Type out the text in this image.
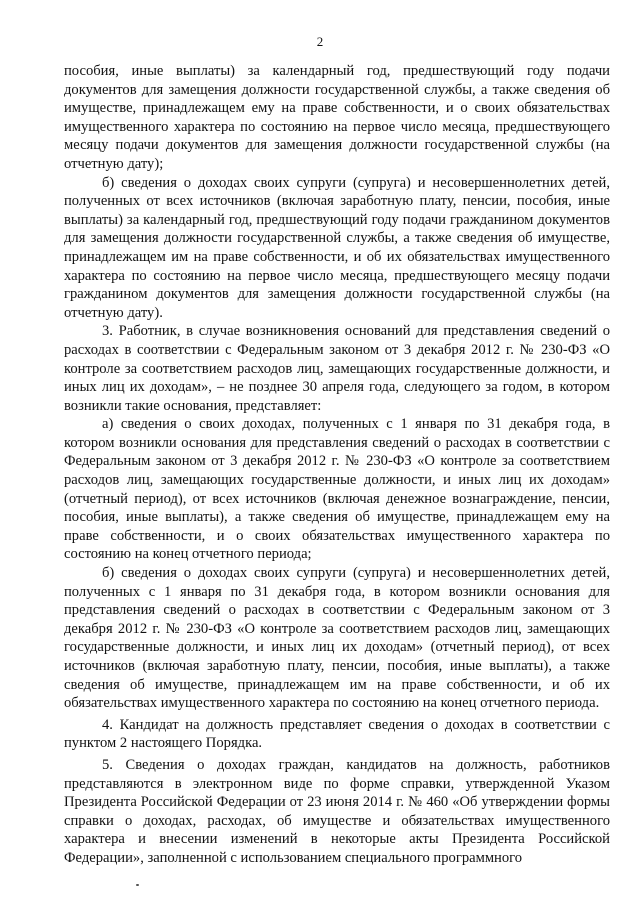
2

пособия, иные выплаты) за календарный год, предшествующий году подачи документов для замещения должности государственной службы, а также сведения об имуществе, принадлежащем ему на праве собственности, и о своих обязательствах имущественного характера по состоянию на первое число месяца, предшествующего месяцу подачи документов для замещения должности государственной службы (на отчетную дату);

б) сведения о доходах своих супруги (супруга) и несовершеннолетних детей, полученных от всех источников (включая заработную плату, пенсии, пособия, иные выплаты) за календарный год, предшествующий году подачи гражданином документов для замещения должности государственной службы, а также сведения об имуществе, принадлежащем им на праве собственности, и об их обязательствах имущественного характера по состоянию на первое число месяца, предшествующего месяцу подачи гражданином документов для замещения должности государственной службы (на отчетную дату).

3. Работник, в случае возникновения оснований для представления сведений о расходах в соответствии с Федеральным законом от 3 декабря 2012 г. № 230-ФЗ «О контроле за соответствием расходов лиц, замещающих государственные должности, и иных лиц их доходам», – не позднее 30 апреля года, следующего за годом, в котором возникли такие основания, представляет:

а) сведения о своих доходах, полученных с 1 января по 31 декабря года, в котором возникли основания для представления сведений о расходах в соответствии с Федеральным законом от 3 декабря 2012 г. № 230-ФЗ «О контроле за соответствием расходов лиц, замещающих государственные должности, и иных лиц их доходам» (отчетный период), от всех источников (включая денежное вознаграждение, пенсии, пособия, иные выплаты), а также сведения об имуществе, принадлежащем ему на праве собственности, и о своих обязательствах имущественного характера по состоянию на конец отчетного периода;

б) сведения о доходах своих супруги (супруга) и несовершеннолетних детей, полученных с 1 января по 31 декабря года, в котором возникли основания для представления сведений о расходах в соответствии с Федеральным законом от 3 декабря 2012 г. № 230-ФЗ «О контроле за соответствием расходов лиц, замещающих государственные должности, и иных лиц их доходам» (отчетный период), от всех источников (включая заработную плату, пенсии, пособия, иные выплаты), а также сведения об имуществе, принадлежащем им на праве собственности, и об их обязательствах имущественного характера по состоянию на конец отчетного периода.

4. Кандидат на должность представляет сведения о доходах в соответствии с пунктом 2 настоящего Порядка.

5. Сведения о доходах граждан, кандидатов на должность, работников представляются в электронном виде по форме справки, утвержденной Указом Президента Российской Федерации от 23 июня 2014 г. № 460 «Об утверждении формы справки о доходах, расходах, об имуществе и обязательствах имущественного характера и внесении изменений в некоторые акты Президента Российской Федерации», заполненной с использованием специального программного
